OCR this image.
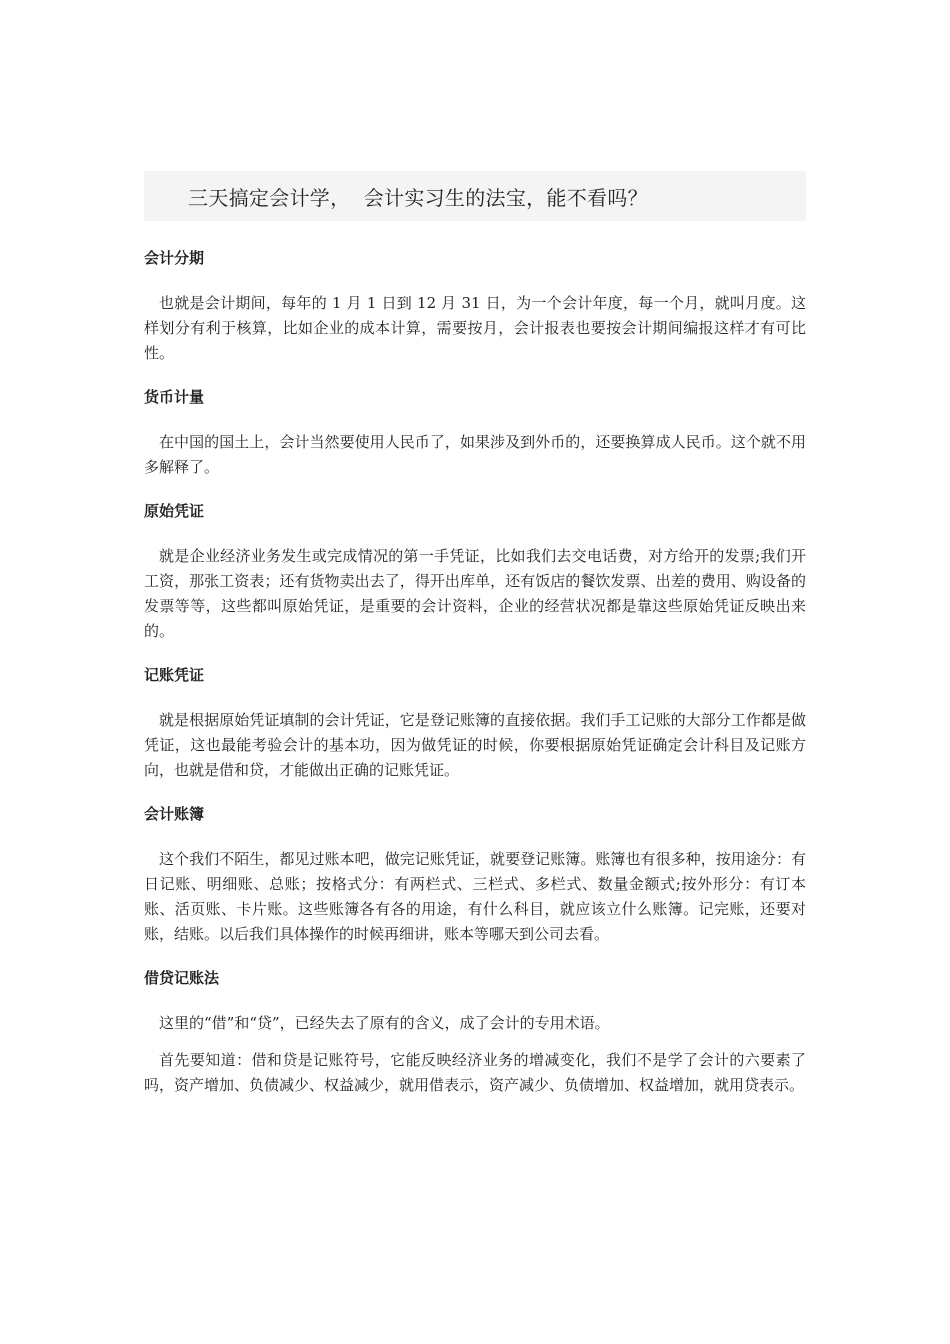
三天搞定会计学，  会计实习生的法宝，能不看吗？
会计分期

也就是会计期间，每年的 1 月 1 日到 12 月 31 日，为一个会计年度，每一个月，就叫月度。这样划分有利于核算，比如企业的成本计算，需要按月，会计报表也要按会计期间编报这样才有可比性。

货币计量

在中国的国土上，会计当然要使用人民币了，如果涉及到外币的，还要换算成人民币。这个就不用多解释了。

原始凭证

就是企业经济业务发生或完成情况的第一手凭证，比如我们去交电话费，对方给开的发票;我们开工资，那张工资表；还有货物卖出去了，得开出库单，还有饭店的餐饮发票、出差的费用、购设备的发票等等，这些都叫原始凭证，是重要的会计资料，企业的经营状况都是靠这些原始凭证反映出来的。

记账凭证

就是根据原始凭证填制的会计凭证，它是登记账簿的直接依据。我们手工记账的大部分工作都是做凭证，这也最能考验会计的基本功，因为做凭证的时候，你要根据原始凭证确定会计科目及记账方向，也就是借和贷，才能做出正确的记账凭证。

会计账簿

这个我们不陌生，都见过账本吧，做完记账凭证，就要登记账簿。账簿也有很多种，按用途分：有日记账、明细账、总账；按格式分：有两栏式、三栏式、多栏式、数量金额式;按外形分：有订本账、活页账、卡片账。这些账簿各有各的用途，有什么科目，就应该立什么账簿。记完账，还要对账，结账。以后我们具体操作的时候再细讲，账本等哪天到公司去看。

借贷记账法

这里的“借”和“贷”，已经失去了原有的含义，成了会计的专用术语。

首先要知道：借和贷是记账符号，它能反映经济业务的增减变化，我们不是学了会计的六要素了吗，资产增加、负债减少、权益减少，就用借表示，资产减少、负债增加、权益增加，就用贷表示。
